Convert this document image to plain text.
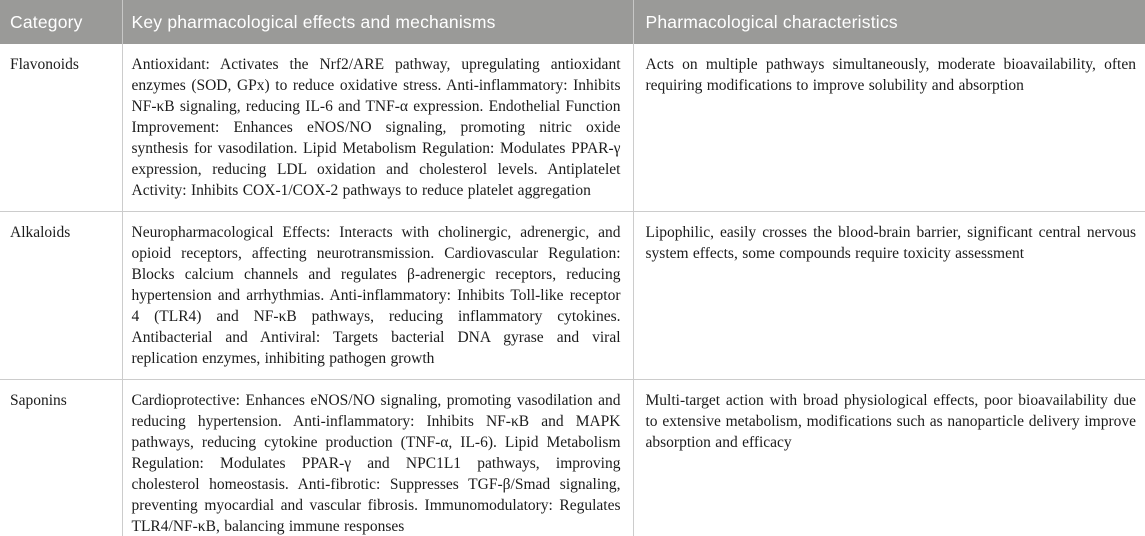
Category	Key pharmacological effects and mechanisms	Pharmacological characteristics
Flavonoids	Antioxidant: Activates the Nrf2/ARE pathway, upregulating antioxidant enzymes (SOD, GPx) to reduce oxidative stress. Anti-inflammatory: Inhibits NF-κB signaling, reducing IL-6 and TNF-α expression. Endothelial Function Improvement: Enhances eNOS/NO signaling, promoting nitric oxide synthesis for vasodilation. Lipid Metabolism Regulation: Modulates PPAR-γ expression, reducing LDL oxidation and cholesterol levels. Antiplatelet Activity: Inhibits COX-1/COX-2 pathways to reduce platelet aggregation	Acts on multiple pathways simultaneously, moderate bioavailability, often requiring modifications to improve solubility and absorption
Alkaloids	Neuropharmacological Effects: Interacts with cholinergic, adrenergic, and opioid receptors, affecting neurotransmission. Cardiovascular Regulation: Blocks calcium channels and regulates β-adrenergic receptors, reducing hypertension and arrhythmias. Anti-inflammatory: Inhibits Toll-like receptor 4 (TLR4) and NF-κB pathways, reducing inflammatory cytokines. Antibacterial and Antiviral: Targets bacterial DNA gyrase and viral replication enzymes, inhibiting pathogen growth	Lipophilic, easily crosses the blood-brain barrier, significant central nervous system effects, some compounds require toxicity assessment
Saponins	Cardioprotective: Enhances eNOS/NO signaling, promoting vasodilation and reducing hypertension. Anti-inflammatory: Inhibits NF-κB and MAPK pathways, reducing cytokine production (TNF-α, IL-6). Lipid Metabolism Regulation: Modulates PPAR-γ and NPC1L1 pathways, improving cholesterol homeostasis. Anti-fibrotic: Suppresses TGF-β/Smad signaling, preventing myocardial and vascular fibrosis. Immunomodulatory: Regulates TLR4/NF-κB, balancing immune responses	Multi-target action with broad physiological effects, poor bioavailability due to extensive metabolism, modifications such as nanoparticle delivery improve absorption and efficacy
